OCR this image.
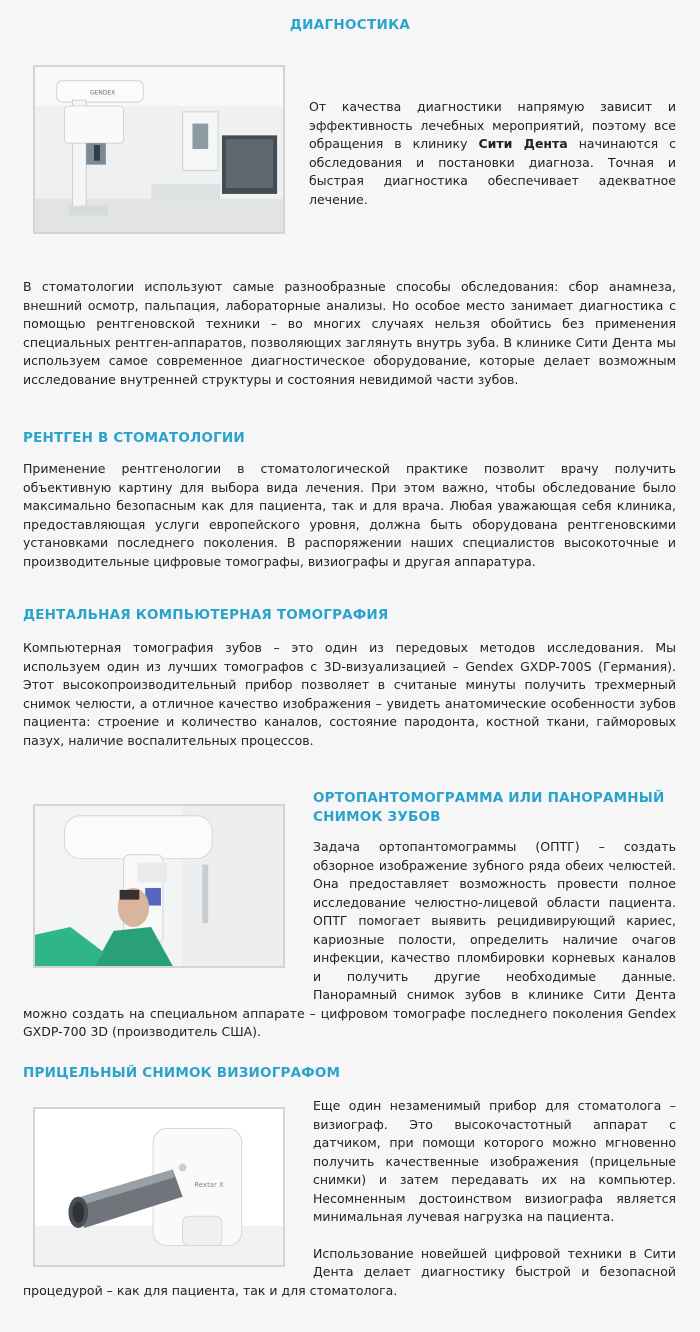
ДИАГНОСТИКА
GENDEX

От качества диагностики напрямую зависит и эффективность лечебных мероприятий, поэтому все обращения в клинику Сити Дента начинаются с обследования и постановки диагноза. Точная и быстрая диагностика обеспечивает адекватное лечение.

В стоматологии используют самые разнообразные способы обследования: сбор анамнеза, внешний осмотр, пальпация, лабораторные анализы. Но особое место занимает диагностика с помощью рентгеновской техники – во многих случаях нельзя обойтись без применения специальных рентген-аппаратов, позволяющих заглянуть внутрь зуба. В клинике Сити Дента мы используем самое современное диагностическое оборудование, которые делает возможным исследование внутренней структуры и состояния невидимой части зубов.

РЕНТГЕН В СТОМАТОЛОГИИ

Применение рентгенологии в стоматологической практике позволит врачу получить объективную картину для выбора вида лечения. При этом важно, чтобы обследование было максимально безопасным как для пациента, так и для врача. Любая уважающая себя клиника, предоставляющая услуги европейского уровня, должна быть оборудована рентгеновскими установками последнего поколения. В распоряжении наших специалистов высокоточные и производительные цифровые томографы, визиографы и другая аппаратура.

ДЕНТАЛЬНАЯ КОМПЬЮТЕРНАЯ ТОМОГРАФИЯ

Компьютерная томография зубов – это один из передовых методов исследования. Мы используем один из лучших томографов с 3D-визуализацией – Gendex GXDP-700S (Германия). Этот высокопроизводительный прибор позволяет в считаные минуты получить трехмерный снимок челюсти, а отличное качество изображения – увидеть анатомические особенности зубов пациента: строение и количество каналов, состояние пародонта, костной ткани, гайморовых пазух, наличие воспалительных процессов.

ОРТОПАНТОМОГРАММА ИЛИ ПАНОРАМНЫЙ СНИМОК ЗУБОВ

Задача ортопантомограммы (ОПТГ) – создать обзорное изображение зубного ряда обеих челюстей. Она предоставляет возможность провести полное исследование челюстно-лицевой области пациента. ОПТГ помогает выявить рецидивирующий кариес, кариозные полости, определить наличие очагов инфекции, качество пломбировки корневых каналов и получить другие необходимые данные. Панорамный снимок зубов в клинике Сити Дента можно создать на специальном аппарате – цифровом томографе последнего поколения Gendex GXDP-700 3D (производитель США).

ПРИЦЕЛЬНЫЙ СНИМОК ВИЗИОГРАФОМ
Rextar X

Еще один незаменимый прибор для стоматолога – визиограф. Это высокочастотный аппарат с датчиком, при помощи которого можно мгновенно получить качественные изображения (прицельные снимки) и затем передавать их на компьютер. Несомненным достоинством визиографа является минимальная лучевая нагрузка на пациента.

Использование новейшей цифровой техники в Сити Дента делает диагностику быстрой и безопасной процедурой – как для пациента, так и для стоматолога.
